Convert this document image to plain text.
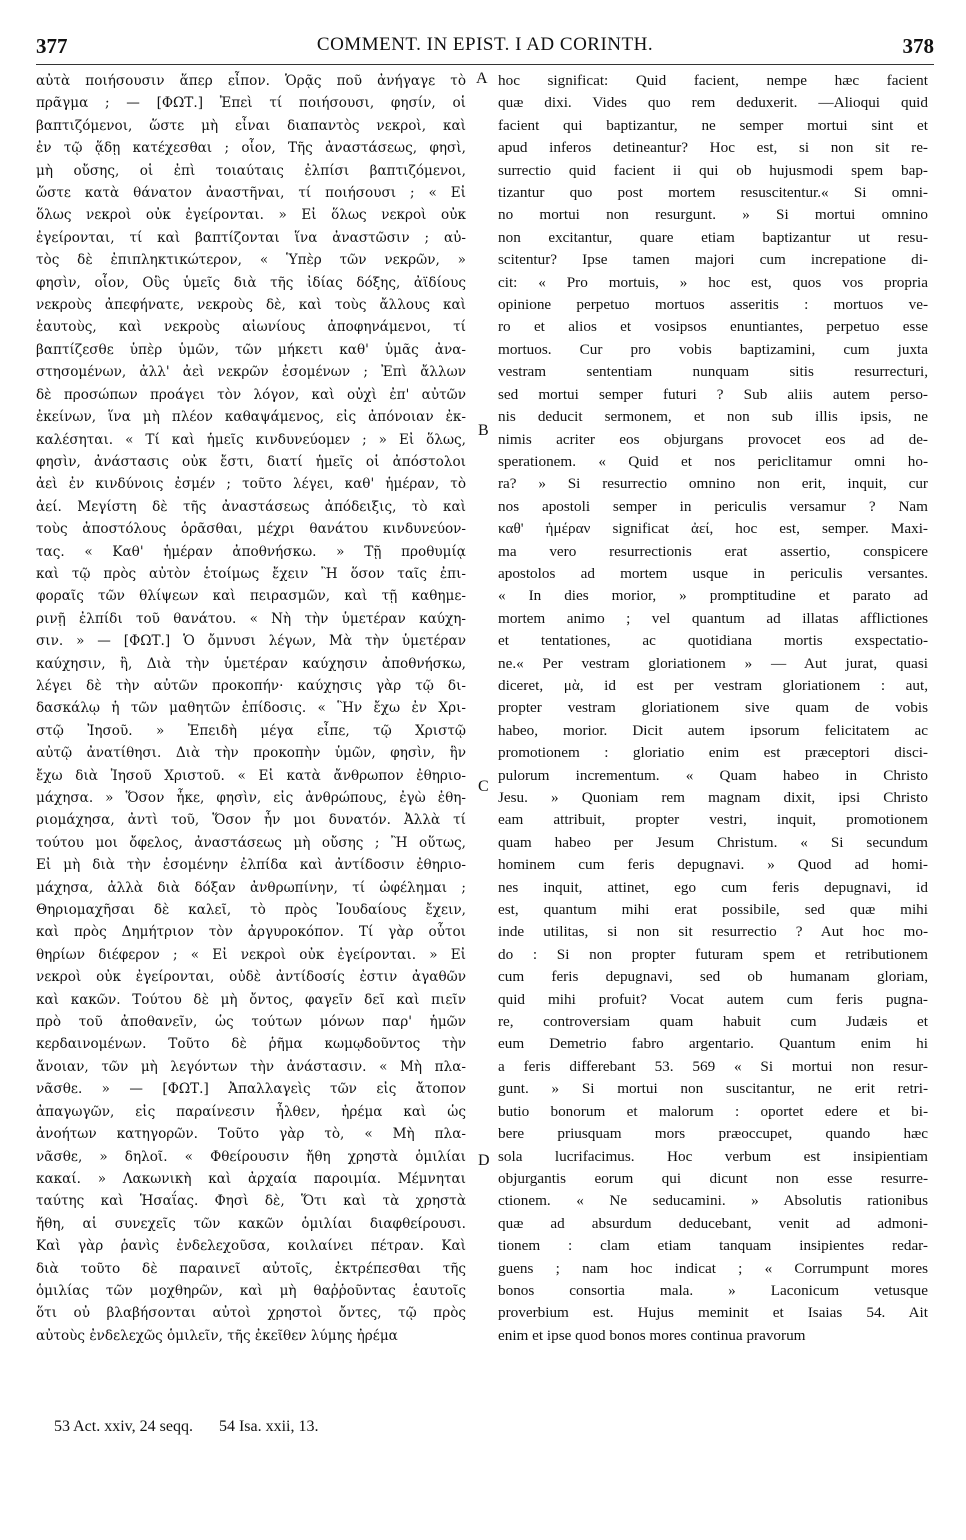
377	COMMENT. IN EPIST. I AD CORINTH.	378

αὐτὰ ποιήσουσιν ἅπερ εἶπον. Ὁρᾷς ποῦ ἀνήγαγε τὸ

πρᾶγμα ; — [ΦΩΤ.] Ἐπεὶ τί ποιήσουσι, φησίν, οἱ

βαπτιζόμενοι, ὥστε μὴ εἶναι διαπαντὸς νεκροὶ, καὶ

ἐν τῷ ᾅδῃ κατέχεσθαι ; οἷον, Τῆς ἀναστάσεως, φησὶ,

μὴ οὔσης, οἱ ἐπὶ τοιαύταις ἐλπίσι βαπτιζόμενοι,

ὥστε κατὰ θάνατον ἀναστῆναι, τί ποιήσουσι ; « Εἰ

ὅλως νεκροὶ οὐκ ἐγείρονται. » Εἰ ὅλως νεκροὶ οὐκ

ἐγείρονται, τί καὶ βαπτίζονται ἵνα ἀναστῶσιν ; αὐ-

τὸς δὲ ἐπιπληκτικώτερον, « Ὑπὲρ τῶν νεκρῶν, »

φησὶν, οἷον, Οὓς ὑμεῖς διὰ τῆς ἰδίας δόξης, ἀϊδίους

νεκροὺς ἀπεφήνατε, νεκροὺς δὲ, καὶ τοὺς ἄλλους καὶ

ἑαυτοὺς, καὶ νεκροὺς αἰωνίους ἀποφηνάμενοι, τί

βαπτίζεσθε ὑπὲρ ὑμῶν, τῶν μήκετι καθ' ὑμᾶς ἀνα-

στησομένων, ἀλλ' ἀεὶ νεκρῶν ἐσομένων ; Ἐπὶ ἄλλων

δὲ προσώπων προάγει τὸν λόγον, καὶ οὐχὶ ἐπ' αὐτῶν

ἐκείνων, ἵνα μὴ πλέον καθαψάμενος, εἰς ἀπόνοιαν ἐκ-

καλέσηται. « Τί καὶ ἡμεῖς κινδυνεύομεν ; » Εἰ ὅλως,

φησὶν, ἀνάστασις οὐκ ἔστι, διατί ἡμεῖς οἱ ἀπόστολοι

ἀεὶ ἐν κινδύνοις ἐσμέν ; τοῦτο λέγει, καθ' ἡμέραν, τὸ

ἀεί. Μεγίστη δὲ τῆς ἀναστάσεως ἀπόδειξις, τὸ καὶ

τοὺς ἀποστόλους ὁρᾶσθαι, μέχρι θανάτου κινδυνεύον-

τας. « Καθ' ἡμέραν ἀποθνήσκω. » Τῇ προθυμίᾳ

καὶ τῷ πρὸς αὐτὸν ἑτοίμως ἔχειν Ἢ ὅσον ταῖς ἐπι-

φοραῖς τῶν θλίψεων καὶ πειρασμῶν, καὶ τῇ καθημε-

ρινῇ ἐλπίδι τοῦ θανάτου. « Νὴ τὴν ὑμετέραν καύχη-

σιν. » — [ΦΩΤ.] Ὁ ὄμνυσι λέγων, Μὰ τὴν ὑμετέραν

καύχησιν, ἢ, Διὰ τὴν ὑμετέραν καύχησιν ἀποθνήσκω,

λέγει δὲ τὴν αὐτῶν προκοπήν· καύχησις γὰρ τῷ δι-

δασκάλῳ ἡ τῶν μαθητῶν ἐπίδοσις. « Ἣν ἔχω ἐν Χρι-

στῷ Ἰησοῦ. » Ἐπειδὴ μέγα εἶπε, τῷ Χριστῷ

αὐτῷ ἀνατίθησι. Διὰ τὴν προκοπὴν ὑμῶν, φησὶν, ἣν

ἔχω διὰ Ἰησοῦ Χριστοῦ. « Εἰ κατὰ ἄνθρωπον ἐθηριο-

μάχησα. » Ὅσον ἧκε, φησὶν, εἰς ἀνθρώπους, ἐγὼ ἐθη-

ριομάχησα, ἀντὶ τοῦ, Ὅσον ἦν μοι δυνατόν. Ἀλλὰ τί

τούτου μοι ὄφελος, ἀναστάσεως μὴ οὔσης ; Ἢ οὕτως,

Εἰ μὴ διὰ τὴν ἐσομένην ἐλπίδα καὶ ἀντίδοσιν ἐθηριο-

μάχησα, ἀλλὰ διὰ δόξαν ἀνθρωπίνην, τί ὠφέλημαι ;

Θηριομαχῆσαι δὲ καλεῖ, τὸ πρὸς Ἰουδαίους ἔχειν,

καὶ πρὸς Δημήτριον τὸν ἀργυροκόπον. Τί γὰρ οὗτοι

θηρίων διέφερον ; « Εἰ νεκροὶ οὐκ ἐγείρονται. » Εἰ

νεκροὶ οὐκ ἐγείρονται, οὐδὲ ἀντίδοσίς ἐστιν ἀγαθῶν

καὶ κακῶν. Τούτου δὲ μὴ ὄντος, φαγεῖν δεῖ καὶ πιεῖν

πρὸ τοῦ ἀποθανεῖν, ὡς τούτων μόνων παρ' ἡμῶν

κερδαινομένων. Τοῦτο δὲ ῥῆμα κωμῳδοῦντος τὴν

ἄνοιαν, τῶν μὴ λεγόντων τὴν ἀνάστασιν. « Μὴ πλα-

νᾶσθε. » — [ΦΩΤ.] Ἀπαλλαγεὶς τῶν εἰς ἄτοπον

ἀπαγωγῶν, εἰς παραίνεσιν ἦλθεν, ἠρέμα καὶ ὡς

ἀνοήτων κατηγορῶν. Τοῦτο γὰρ τὸ, « Μὴ πλα-

νᾶσθε, » δηλοῖ. « Φθείρουσιν ἤθη χρηστὰ ὁμιλίαι

κακαί. » Λακωνικὴ καὶ ἀρχαία παροιμία. Μέμνηται

ταύτης καὶ Ἡσαΐας. Φησὶ δὲ, Ὅτι καὶ τὰ χρηστὰ

ἤθη, αἱ συνεχεῖς τῶν κακῶν ὁμιλίαι διαφθείρουσι.

Καὶ γὰρ ῥανὶς ἐνδελεχοῦσα, κοιλαίνει πέτραν. Καὶ

διὰ τοῦτο δὲ παραινεῖ αὐτοῖς, ἐκτρέπεσθαι τῆς

ὁμιλίας τῶν μοχθηρῶν, καὶ μὴ θαῤῥοῦντας ἑαυτοῖς

ὅτι οὐ βλαβήσονται αὐτοὶ χρηστοὶ ὄντες, τῷ πρὸς

αὐτοὺς ἐνδελεχῶς ὁμιλεῖν, τῆς ἐκεῖθεν λύμης ἠρέμα

hoc significat: Quid facient, nempe hæc facient

quæ dixi. Vides quo rem deduxerit. —Alioqui quid

facient qui baptizantur, ne semper mortui sint et

apud inferos detineantur? Hoc est, si non sit re-

surrectio quid facient ii qui ob hujusmodi spem bap-

tizantur quo post mortem resuscitentur.« Si omni-

no mortui non resurgunt. » Si mortui omnino

non excitantur, quare etiam baptizantur ut resu-

scitentur? Ipse tamen majori cum increpatione di-

cit: « Pro mortuis, » hoc est, quos vos propria

opinione perpetuo mortuos asseritis : mortuos ve-

ro et alios et vosipsos enuntiantes, perpetuo esse

mortuos. Cur pro vobis baptizamini, cum juxta

vestram sententiam nunquam sitis resurrecturi,

sed mortui semper futuri ? Sub aliis autem perso-

nis deducit sermonem, et non sub illis ipsis, ne

nimis acriter eos objurgans provocet eos ad de-

sperationem. « Quid et nos periclitamur omni ho-

ra? » Si resurrectio omnino non erit, inquit, cur

nos apostoli semper in periculis versamur ? Nam

καθ' ἡμέραν significat ἀεί, hoc est, semper. Maxi-

ma vero resurrectionis erat assertio, conspicere

apostolos ad mortem usque in periculis versantes.

« In dies morior, » promptitudine et parato ad

mortem animo ; vel quantum ad illatas afflictiones

et tentationes, ac quotidiana mortis exspectatio-

ne.« Per vestram gloriationem » — Aut jurat, quasi

diceret, μὰ, id est per vestram gloriationem : aut,

propter vestram gloriationem sive quam de vobis

habeo, morior. Dicit autem ipsorum felicitatem ac

promotionem : gloriatio enim est præceptori disci-

pulorum incrementum. « Quam habeo in Christo

Jesu. » Quoniam rem magnam dixit, ipsi Christo

eam attribuit, propter vestri, inquit, promotionem

quam habeo per Jesum Christum. « Si secundum

hominem cum feris depugnavi. » Quod ad homi-

nes inquit, attinet, ego cum feris depugnavi, id

est, quantum mihi erat possibile, sed quæ mihi

inde utilitas, si non sit resurrectio ? Aut hoc mo-

do : Si non propter futuram spem et retributionem

cum feris depugnavi, sed ob humanam gloriam,

quid mihi profuit? Vocat autem cum feris pugna-

re, controversiam quam habuit cum Judæis et

eum Demetrio fabro argentario. Quantum enim hi

a feris differebant 53. 569 « Si mortui non resur-

gunt. » Si mortui non suscitantur, ne erit retri-

butio bonorum et malorum : oportet edere et bi-

bere priusquam mors præoccupet, quando hæc

sola lucrifacimus. Hoc verbum est insipientiam

objurgantis eorum qui dicunt non esse resurre-

ctionem. « Ne seducamini. » Absolutis rationibus

quæ ad absurdum deducebant, venit ad admoni-

tionem : clam etiam tanquam insipientes redar-

guens ; nam hoc indicat ; « Corrumpunt mores

bonos consortia mala. » Laconicum vetusque

proverbium est. Hujus meminit et Isaias 54. Ait

enim et ipse quod bonos mores continua pravorum

A
B
C
D
53 Act. xxiv, 24 seqq. 54 Isa. xxii, 13.
